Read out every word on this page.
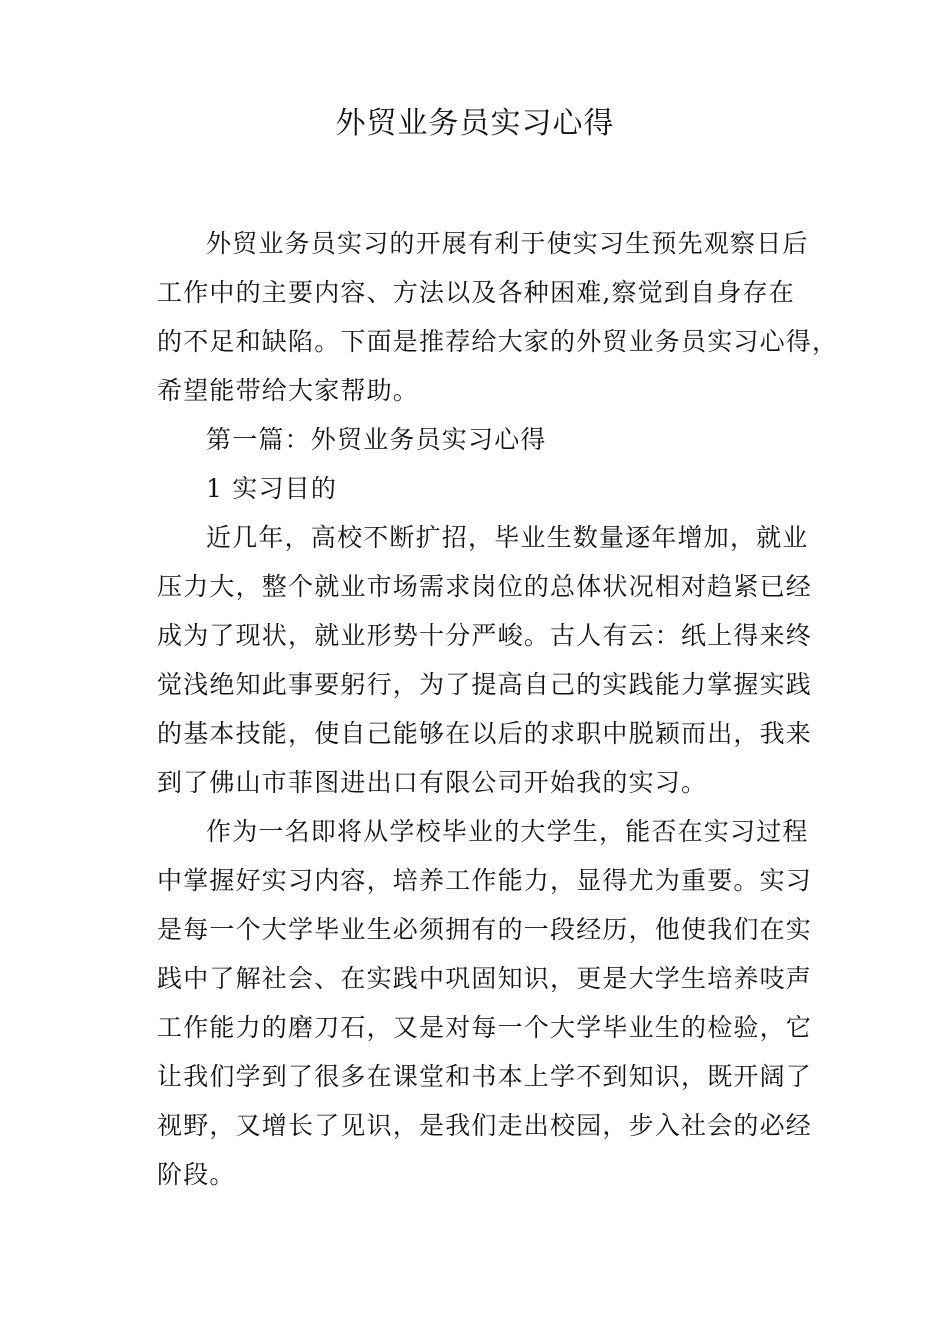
外贸业务员实习心得
外贸业务员实习的开展有利于使实习生预先观察日后
工作中的主要内容、方法以及各种困难,察觉到自身存在
的不足和缺陷。下面是推荐给大家的外贸业务员实习心得，
希望能带给大家帮助。
第一篇：外贸业务员实习心得
1 实习目的
近几年，高校不断扩招，毕业生数量逐年增加，就业
压力大，整个就业市场需求岗位的总体状况相对趋紧已经
成为了现状，就业形势十分严峻。古人有云：纸上得来终
觉浅绝知此事要躬行，为了提高自己的实践能力掌握实践
的基本技能，使自己能够在以后的求职中脱颖而出，我来
到了佛山市菲图进出口有限公司开始我的实习。
作为一名即将从学校毕业的大学生，能否在实习过程
中掌握好实习内容，培养工作能力，显得尤为重要。实习
是每一个大学毕业生必须拥有的一段经历，他使我们在实
践中了解社会、在实践中巩固知识，更是大学生培养吱声
工作能力的磨刀石，又是对每一个大学毕业生的检验，它
让我们学到了很多在课堂和书本上学不到知识，既开阔了
视野，又增长了见识，是我们走出校园，步入社会的必经
阶段。
